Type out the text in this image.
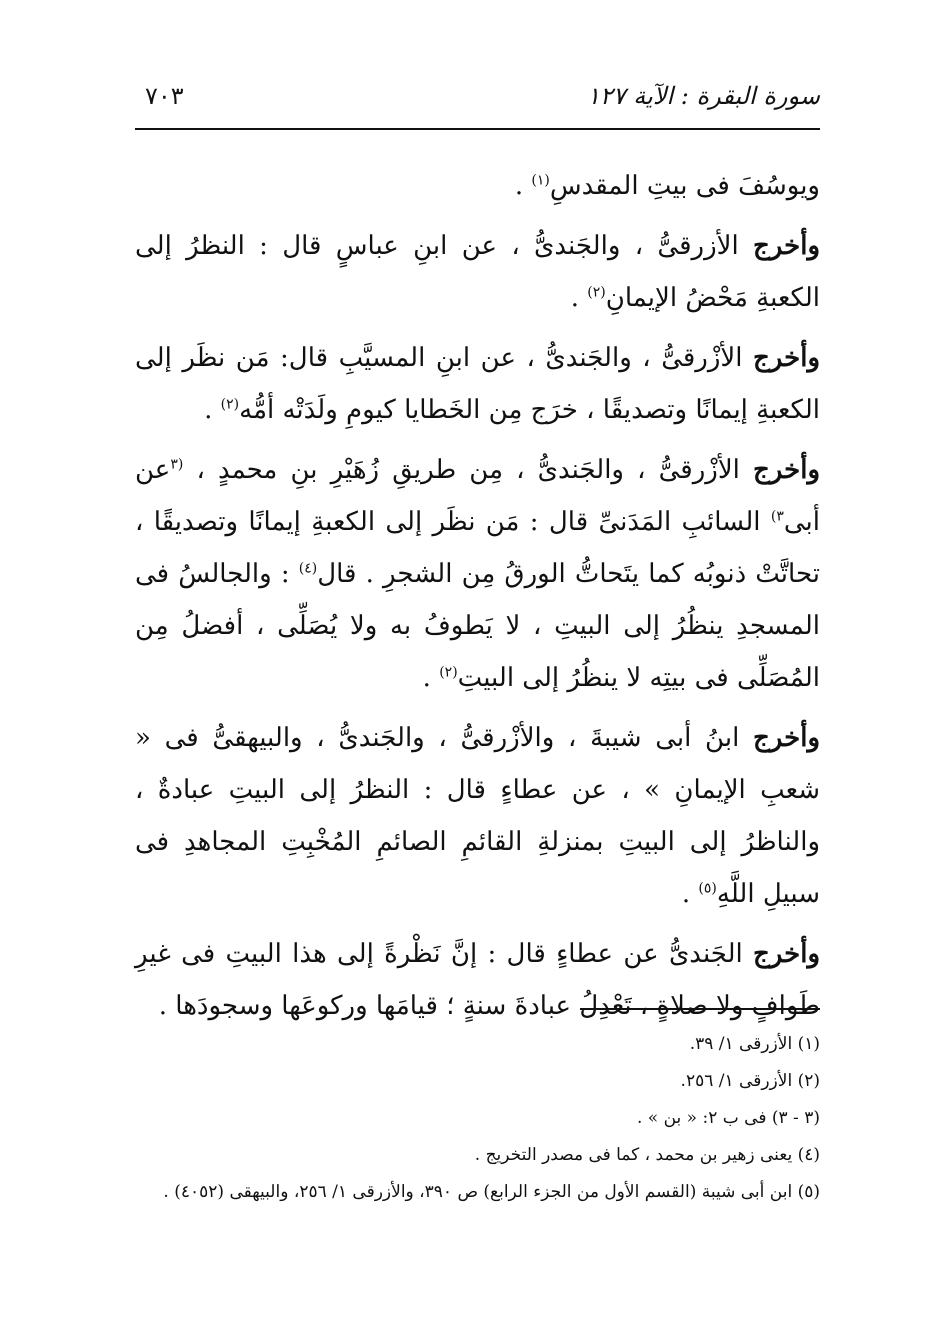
سورة البقرة : الآية ١٢٧
٧٠٣

ويوسُفَ فى بيتِ المقدسِ$^{(١)}$ .

وأخرج الأزرقىُّ ، والجَندىُّ ، عن ابنِ عباسٍ قال : النظرُ إلى الكعبةِ مَحْضُ الإيمانِ$^{(٢)}$ .

وأخرج الأزْرقىُّ ، والجَندىُّ ، عن ابنِ المسيَّبِ قال: مَن نظَر إلى الكعبةِ إيمانًا وتصديقًا ، خرَج مِن الخَطايا كيومِ ولَدَتْه أمُّه$^{(٢)}$ .

وأخرج الأزْرقىُّ ، والجَندىُّ ، مِن طريقِ زُهَيْرِ بنِ محمدٍ ، $^{(٣}$عن أبى$^{٣)}$ السائبِ المَدَنىِّ قال : مَن نظَر إلى الكعبةِ إيمانًا وتصديقًا ، تحاتَّتْ ذنوبُه كما يتَحاتُّ الورقُ مِن الشجرِ . قال$^{(٤)}$ : والجالسُ فى المسجدِ ينظُرُ إلى البيتِ ، لا يَطوفُ به ولا يُصَلِّى ، أفضلُ مِن المُصَلِّى فى بيتِه لا ينظُرُ إلى البيتِ$^{(٢)}$ .

وأخرج ابنُ أبى شيبةَ ، والأزْرقىُّ ، والجَندىُّ ، والبيهقىُّ فى « شعبِ الإيمانِ » ، عن عطاءٍ قال : النظرُ إلى البيتِ عبادةٌ ، والناظرُ إلى البيتِ بمنزلةِ القائمِ الصائمِ المُخْبِتِ المجاهدِ فى سبيلِ اللَّهِ$^{(٥)}$ .

وأخرج الجَندىُّ عن عطاءٍ قال : إنَّ نَظْرةً إلى هذا البيتِ فى غيرِ طَوافٍ ولا صلاةٍ ، تَعْدِلُ عبادةَ سنةٍ ؛ قيامَها وركوعَها وسجودَها .

(١) الأزرقى ١/ ٣٩.
(٢) الأزرقى ١/ ٢٥٦.
(٣ - ٣) فى ب ٢: « بن » .
(٤) يعنى زهير بن محمد ، كما فى مصدر التخريج .
(٥) ابن أبى شيبة (القسم الأول من الجزء الرابع) ص ٣٩٠، والأزرقى ١/ ٢٥٦، والبيهقى (٤٠٥٢) .
